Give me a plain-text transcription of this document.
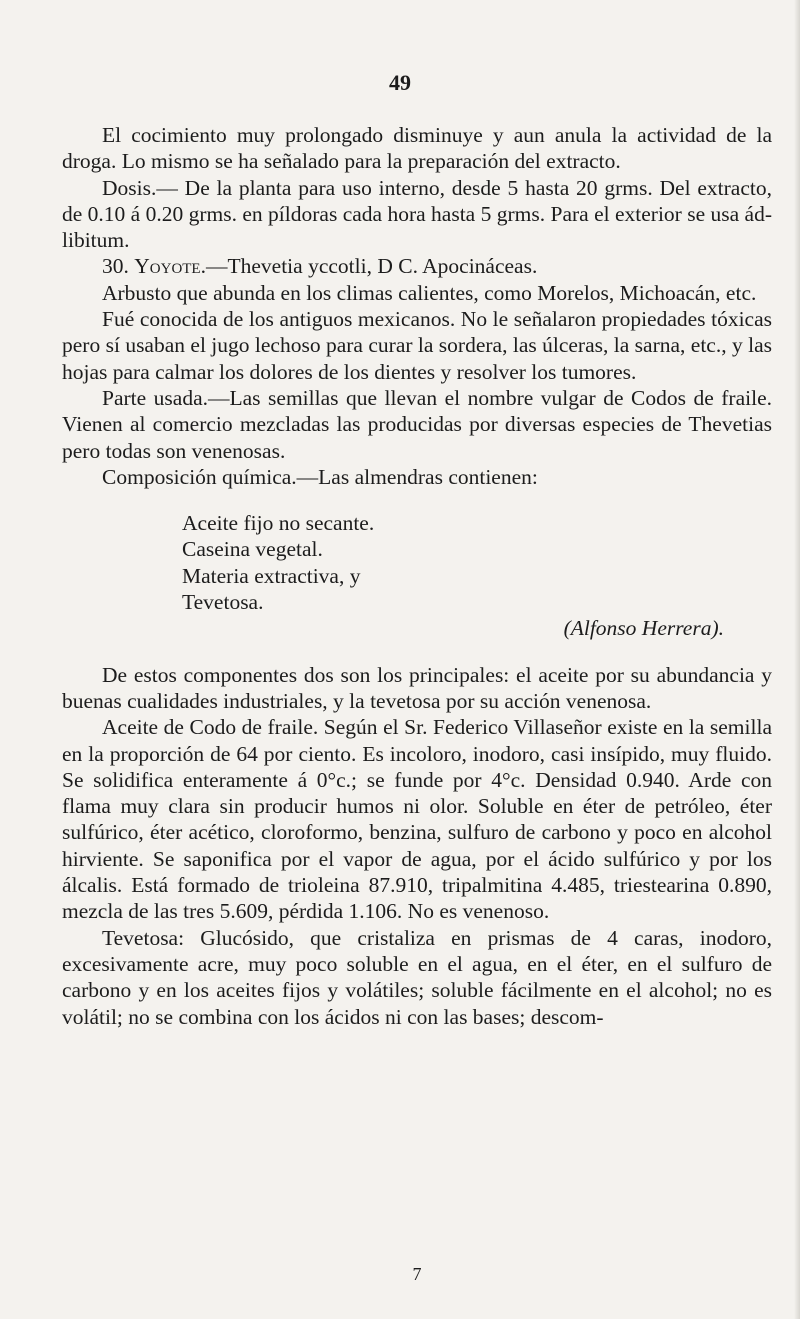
49

El cocimiento muy prolongado disminuye y aun anula la actividad de la droga. Lo mismo se ha señalado para la preparación del extracto.

Dosis.— De la planta para uso interno, desde 5 hasta 20 grms. Del extracto, de 0.10 á 0.20 grms. en píldoras cada hora hasta 5 grms. Para el exterior se usa ád-libitum.

30. Yoyote.—Thevetia yccotli, D C. Apocináceas.

Arbusto que abunda en los climas calientes, como Morelos, Michoacán, etc.

Fué conocida de los antiguos mexicanos. No le señalaron propiedades tóxicas pero sí usaban el jugo lechoso para curar la sordera, las úlceras, la sarna, etc., y las hojas para calmar los dolores de los dientes y resolver los tumores.

Parte usada.—Las semillas que llevan el nombre vulgar de Codos de fraile. Vienen al comercio mezcladas las producidas por diversas especies de Thevetias pero todas son venenosas.

Composición química.—Las almendras contienen:

Aceite fijo no secante.
Caseina vegetal.
Materia extractiva, y
Tevetosa.
(Alfonso Herrera).

De estos componentes dos son los principales: el aceite por su abundancia y buenas cualidades industriales, y la tevetosa por su acción venenosa.

Aceite de Codo de fraile. Según el Sr. Federico Villaseñor existe en la semilla en la proporción de 64 por ciento. Es incoloro, inodoro, casi insípido, muy fluido. Se solidifica enteramente á 0°c.; se funde por 4°c. Densidad 0.940. Arde con flama muy clara sin producir humos ni olor. Soluble en éter de petróleo, éter sulfúrico, éter acético, cloroformo, benzina, sulfuro de carbono y poco en alcohol hirviente. Se saponifica por el vapor de agua, por el ácido sulfúrico y por los álcalis. Está formado de trioleina 87.910, tripalmitina 4.485, triestearina 0.890, mezcla de las tres 5.609, pérdida 1.106. No es venenoso.

Tevetosa: Glucósido, que cristaliza en prismas de 4 caras, inodoro, excesivamente acre, muy poco soluble en el agua, en el éter, en el sulfuro de carbono y en los aceites fijos y volátiles; soluble fácilmente en el alcohol; no es volátil; no se combina con los ácidos ni con las bases; descom-

7
